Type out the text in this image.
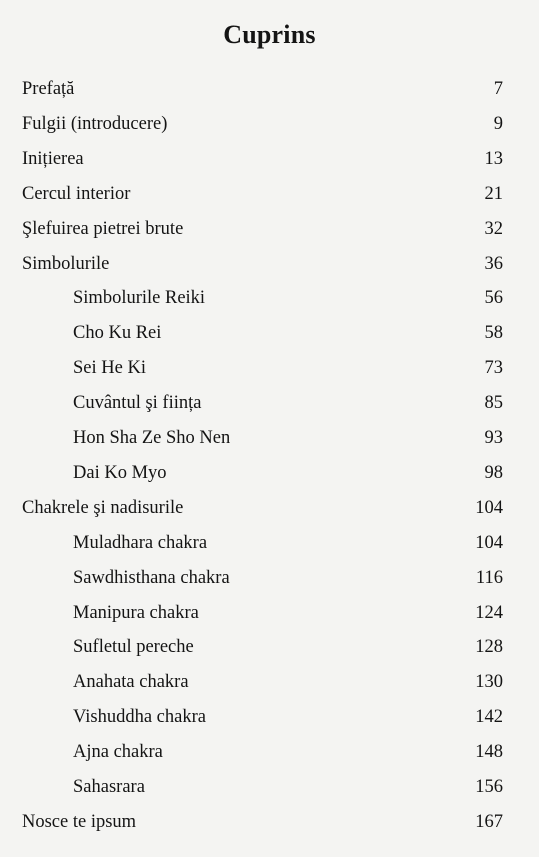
Cuprins
Prefață	7
Fulgii (introducere)	9
Inițierea	13
Cercul interior	21
Şlefuirea pietrei brute	32
Simbolurile	36
Simbolurile Reiki	56
Cho Ku Rei	58
Sei He Ki	73
Cuvântul şi ființa	85
Hon Sha Ze Sho Nen	93
Dai Ko Myo	98
Chakrele şi nadisurile	104
Muladhara chakra	104
Sawdhisthana chakra	116
Manipura chakra	124
Sufletul pereche	128
Anahata chakra	130
Vishuddha chakra	142
Ajna chakra	148
Sahasrara	156
Nosce te ipsum	167
